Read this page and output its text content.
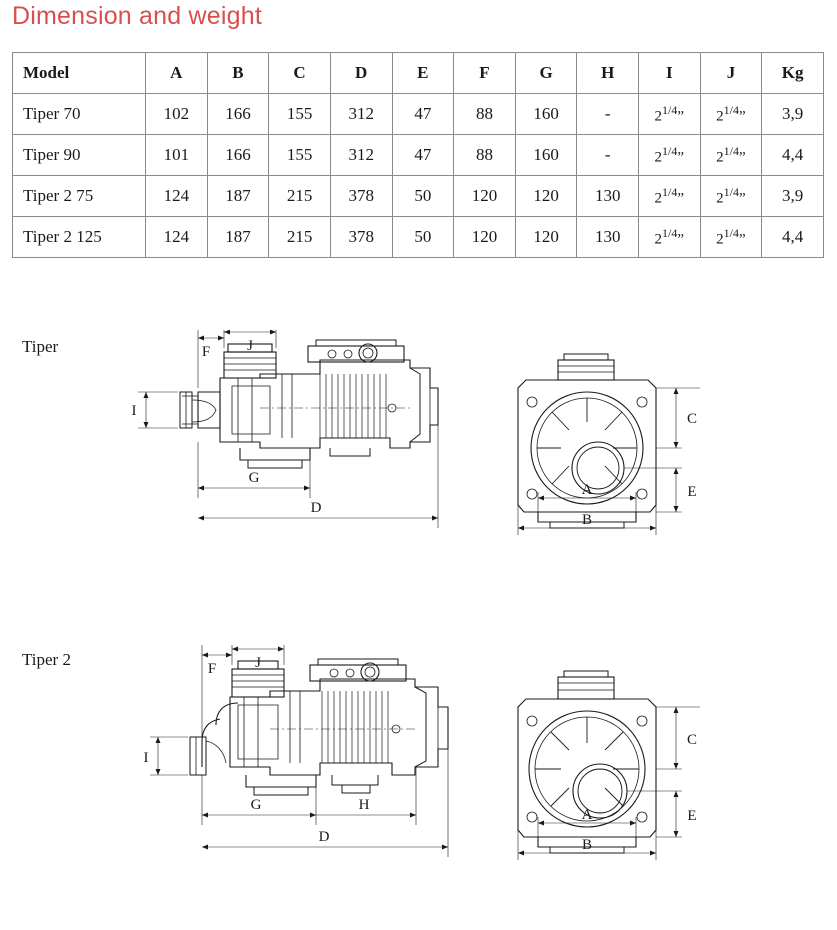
Dimension and weight
Model	A	B	C	D	E	F	G	H	I	J	Kg
Tiper 70	102	166	155	312	47	88	160	-	$2^{1/4}$”	$2^{1/4}$”	3,9
Tiper 90	101	166	155	312	47	88	160	-	$2^{1/4}$”	$2^{1/4}$”	4,4
Tiper 2 75	124	187	215	378	50	120	120	130	$2^{1/4}$”	$2^{1/4}$”	3,9
Tiper 2 125	124	187	215	378	50	120	120	130	$2^{1/4}$”	$2^{1/4}$”	4,4
Tiper	F J
I
G
D
C
E
A
B
Tiper 2	F	J
I
G	H
D
C
E
A
B
